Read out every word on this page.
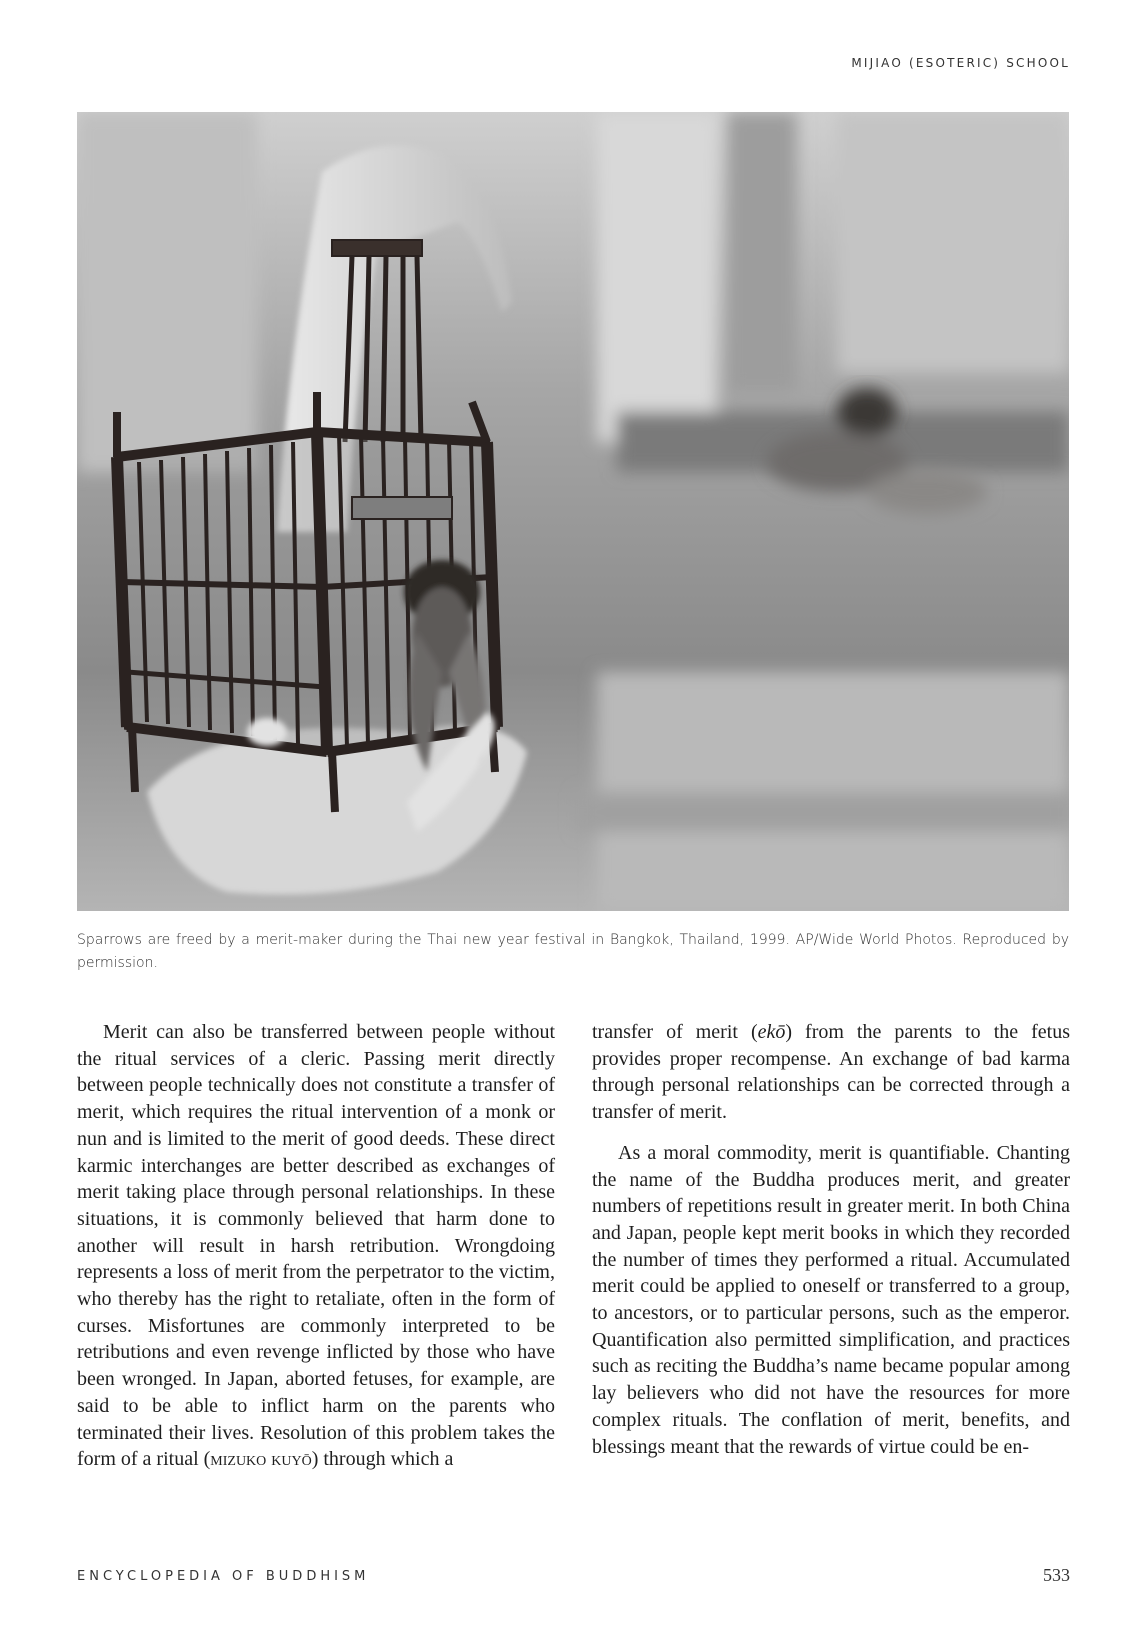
MIJIAO (ESOTERIC) SCHOOL
Sparrows are freed by a merit-maker during the Thai new year festival in Bangkok, Thailand, 1999. AP/Wide World Photos. Reproduced by permission.

Merit can also be transferred between people without the ritual services of a cleric. Passing merit directly between people technically does not constitute a transfer of merit, which requires the ritual intervention of a monk or nun and is limited to the merit of good deeds. These direct karmic interchanges are better described as exchanges of merit taking place through personal relationships. In these situations, it is commonly believed that harm done to another will result in harsh retribution. Wrongdoing represents a loss of merit from the perpetrator to the victim, who thereby has the right to retaliate, often in the form of curses. Misfortunes are commonly interpreted to be retributions and even revenge inflicted by those who have been wronged. In Japan, aborted fetuses, for example, are said to be able to inflict harm on the parents who terminated their lives. Resolution of this problem takes the form of a ritual (mizuko kuyō) through which a

transfer of merit (ekō) from the parents to the fetus provides proper recompense. An exchange of bad karma through personal relationships can be corrected through a transfer of merit.

As a moral commodity, merit is quantifiable. Chanting the name of the Buddha produces merit, and greater numbers of repetitions result in greater merit. In both China and Japan, people kept merit books in which they recorded the number of times they performed a ritual. Accumulated merit could be applied to oneself or transferred to a group, to ancestors, or to particular persons, such as the emperor. Quantification also permitted simplification, and practices such as reciting the Buddha’s name became popular among lay believers who did not have the resources for more complex rituals. The conflation of merit, benefits, and blessings meant that the rewards of virtue could be en-

ENCYCLOPEDIA OF BUDDHISM	533
